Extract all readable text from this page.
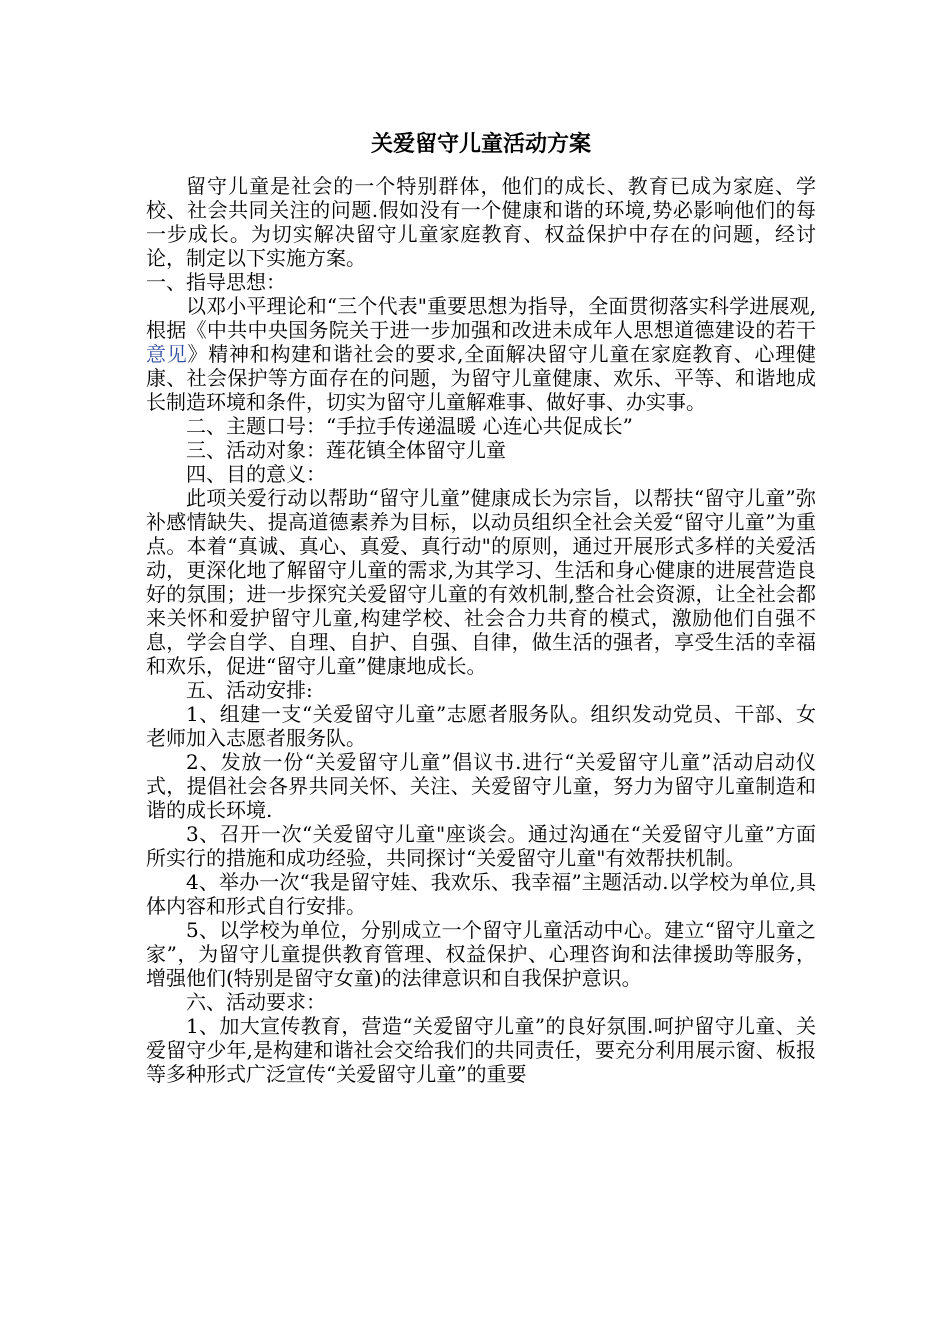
关爱留守儿童活动方案

留守儿童是社会的一个特别群体，他们的成长、教育已成为家庭、学校、社会共同关注的问题.假如没有一个健康和谐的环境,势必影响他们的每一步成长。为切实解决留守儿童家庭教育、权益保护中存在的问题，经讨论，制定以下实施方案。

一、指导思想：

以邓小平理论和“三个代表"重要思想为指导，全面贯彻落实科学进展观,根据《中共中央国务院关于进一步加强和改进未成年人思想道德建设的若干意见》精神和构建和谐社会的要求,全面解决留守儿童在家庭教育、心理健康、社会保护等方面存在的问题，为留守儿童健康、欢乐、平等、和谐地成长制造环境和条件，切实为留守儿童解难事、做好事、办实事。

二、主题口号：“手拉手传递温暖 心连心共促成长”

三、活动对象：莲花镇全体留守儿童

四、目的意义：

此项关爱行动以帮助“留守儿童”健康成长为宗旨，以帮扶“留守儿童”弥补感情缺失、提高道德素养为目标，以动员组织全社会关爱“留守儿童”为重点。本着“真诚、真心、真爱、真行动"的原则，通过开展形式多样的关爱活动，更深化地了解留守儿童的需求,为其学习、生活和身心健康的进展营造良好的氛围；进一步探究关爱留守儿童的有效机制,整合社会资源，让全社会都来关怀和爱护留守儿童,构建学校、社会合力共育的模式，激励他们自强不息，学会自学、自理、自护、自强、自律，做生活的强者，享受生活的幸福和欢乐，促进“留守儿童”健康地成长。

五、活动安排:

1、组建一支“关爱留守儿童”志愿者服务队。组织发动党员、干部、女老师加入志愿者服务队。

2、发放一份“关爱留守儿童”倡议书.进行“关爱留守儿童”活动启动仪式，提倡社会各界共同关怀、关注、关爱留守儿童，努力为留守儿童制造和谐的成长环境.

3、召开一次“关爱留守儿童"座谈会。通过沟通在“关爱留守儿童”方面所实行的措施和成功经验，共同探讨“关爱留守儿童"有效帮扶机制。

4、举办一次“我是留守娃、我欢乐、我幸福”主题活动.以学校为单位,具体内容和形式自行安排。

5、以学校为单位，分别成立一个留守儿童活动中心。建立“留守儿童之家”，为留守儿童提供教育管理、权益保护、心理咨询和法律援助等服务，增强他们(特别是留守女童)的法律意识和自我保护意识。

六、活动要求：

1、加大宣传教育，营造“关爱留守儿童”的良好氛围.呵护留守儿童、关爱留守少年,是构建和谐社会交给我们的共同责任，要充分利用展示窗、板报等多种形式广泛宣传“关爱留守儿童”的重要
